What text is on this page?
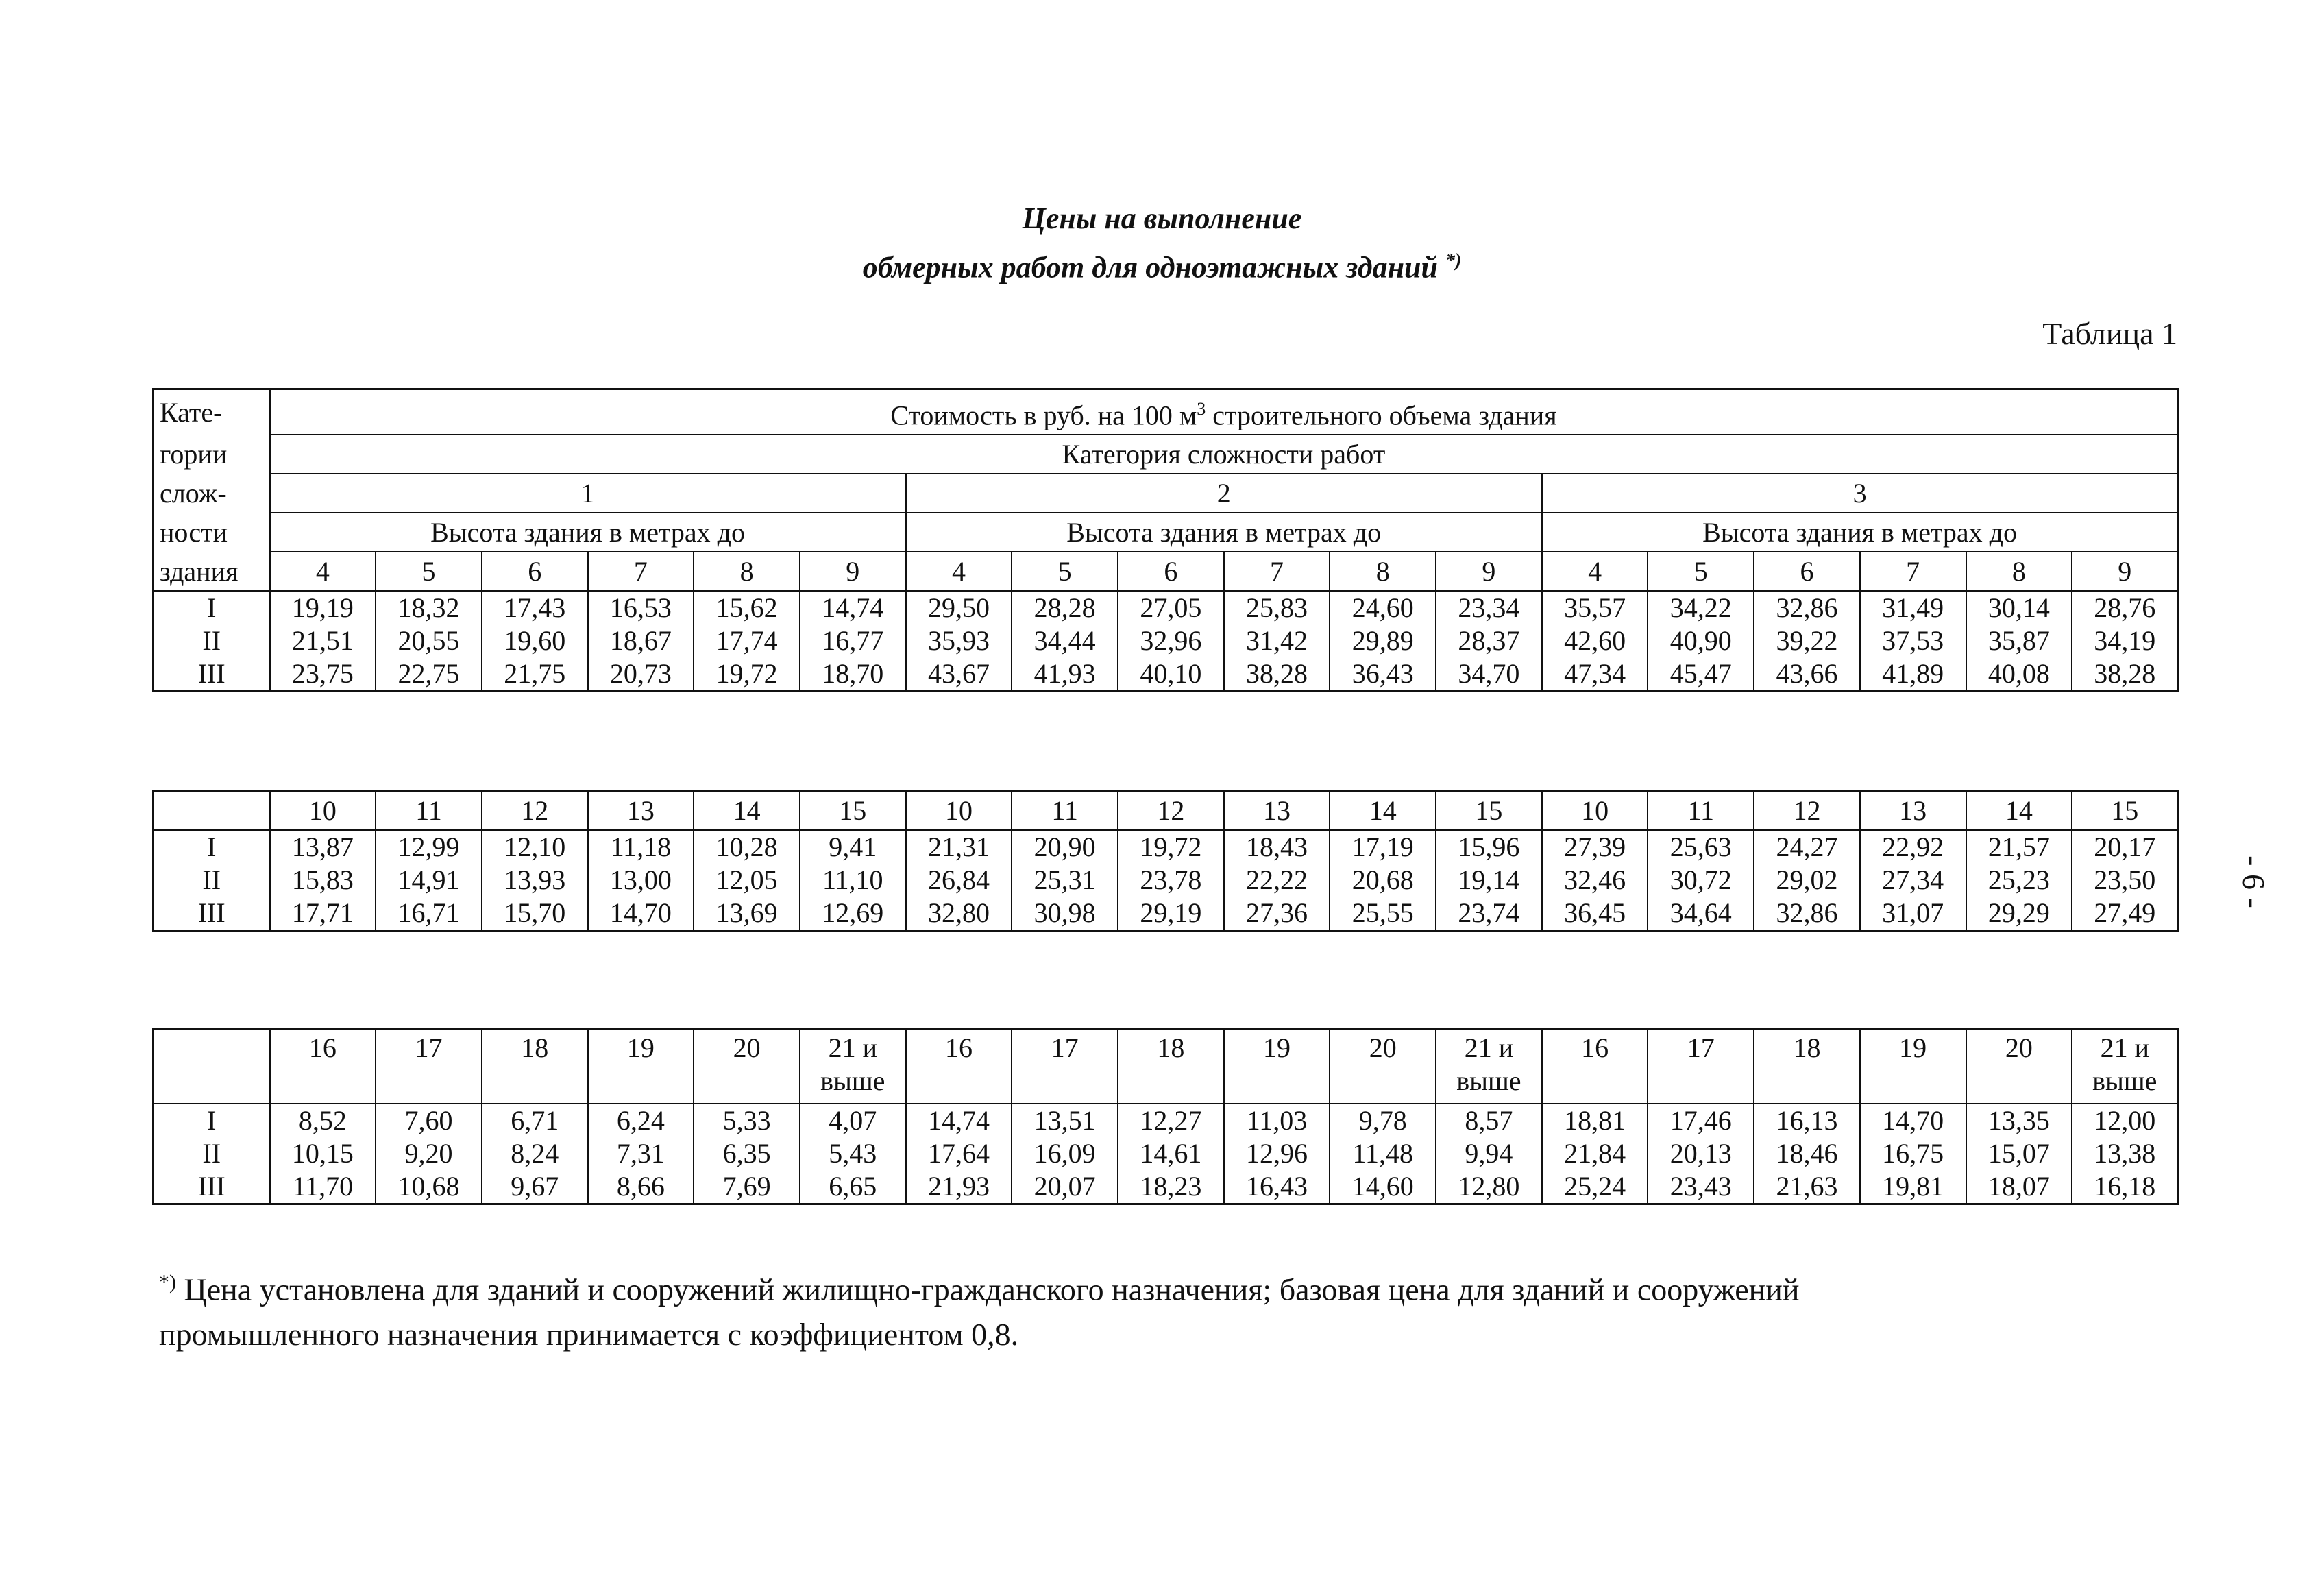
Цены на выполнение
обмерных работ для одноэтажных зданий *)
Таблица 1
- 6 -
Кате-	Стоимость в руб. на 100 $м^3$ строительного объема здания																	
гории	Категория сложности работ																	
слож-	1						2						3					
ности	Высота здания в метрах до						Высота здания в метрах до						Высота здания в метрах до					
здания	4	5	6	7	8	9	4	5	6	7	8	9	4	5	6	7	8	9
I	19,19	18,32	17,43	16,53	15,62	14,74	29,50	28,28	27,05	25,83	24,60	23,34	35,57	34,22	32,86	31,49	30,14	28,76
II	21,51	20,55	19,60	18,67	17,74	16,77	35,93	34,44	32,96	31,42	29,89	28,37	42,60	40,90	39,22	37,53	35,87	34,19
III	23,75	22,75	21,75	20,73	19,72	18,70	43,67	41,93	40,10	38,28	36,43	34,70	47,34	45,47	43,66	41,89	40,08	38,28
	10	11	12	13	14	15	10	11	12	13	14	15	10	11	12	13	14	15
I	13,87	12,99	12,10	11,18	10,28	9,41	21,31	20,90	19,72	18,43	17,19	15,96	27,39	25,63	24,27	22,92	21,57	20,17
II	15,83	14,91	13,93	13,00	12,05	11,10	26,84	25,31	23,78	22,22	20,68	19,14	32,46	30,72	29,02	27,34	25,23	23,50
III	17,71	16,71	15,70	14,70	13,69	12,69	32,80	30,98	29,19	27,36	25,55	23,74	36,45	34,64	32,86	31,07	29,29	27,49
	16	17	18	19	20	21 и выше	16	17	18	19	20	21 и выше	16	17	18	19	20	21 и выше
I	8,52	7,60	6,71	6,24	5,33	4,07	14,74	13,51	12,27	11,03	9,78	8,57	18,81	17,46	16,13	14,70	13,35	12,00
II	10,15	9,20	8,24	7,31	6,35	5,43	17,64	16,09	14,61	12,96	11,48	9,94	21,84	20,13	18,46	16,75	15,07	13,38
III	11,70	10,68	9,67	8,66	7,69	6,65	21,93	20,07	18,23	16,43	14,60	12,80	25,24	23,43	21,63	19,81	18,07	16,18
*) Цена установлена для зданий и сооружений жилищно-гражданского назначения; базовая цена для зданий и сооружений
промышленного назначения принимается с коэффициентом 0,8.
